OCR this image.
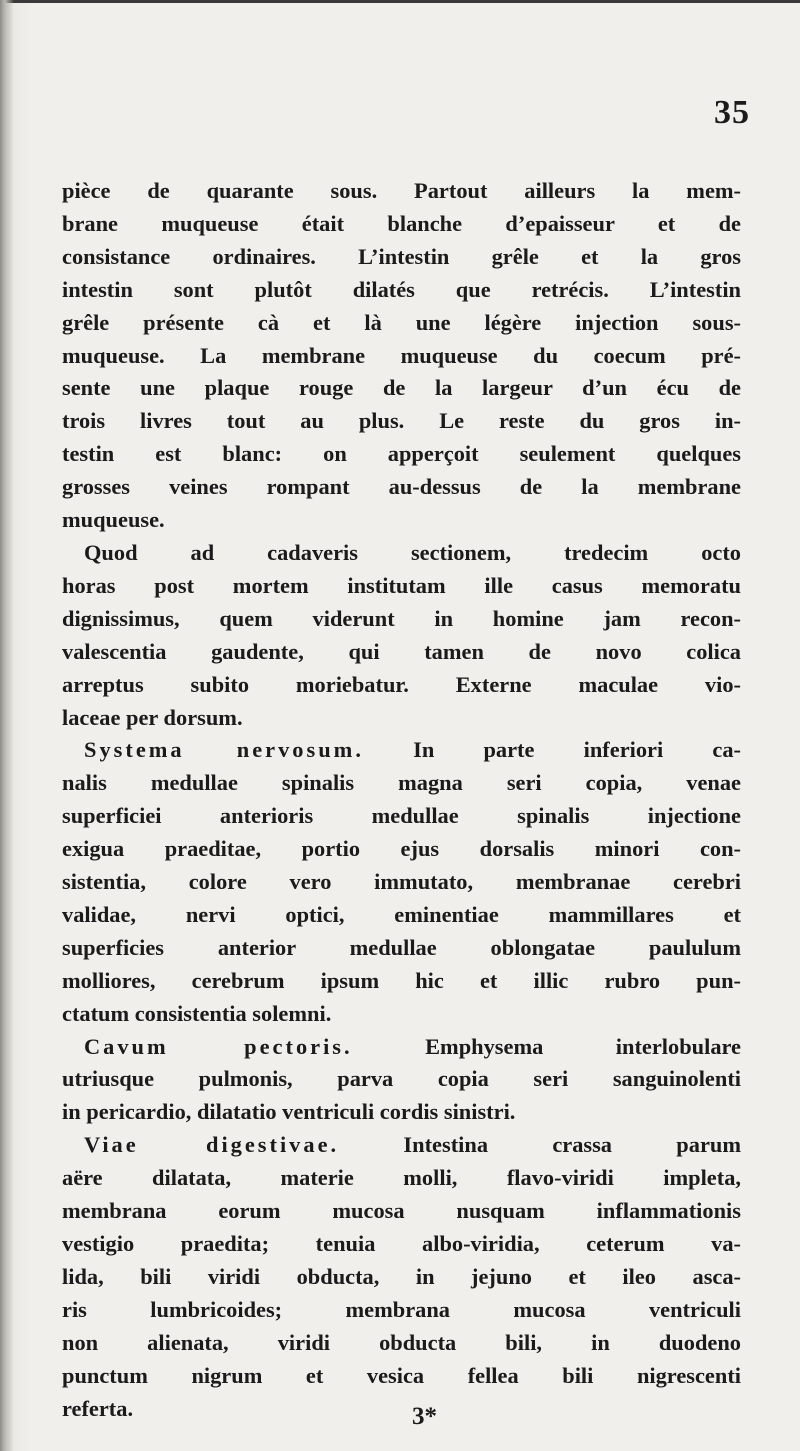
35
pièce de quarante sous. Partout ailleurs la mem-
brane muqueuse était blanche d’epaisseur et de
consistance ordinaires. L’intestin grêle et la gros
intestin sont plutôt dilatés que retrécis. L’intestin
grêle présente cà et là une légère injection sous-
muqueuse. La membrane muqueuse du coecum pré-
sente une plaque rouge de la largeur d’un écu de
trois livres tout au plus. Le reste du gros in-
testin est blanc: on apperçoit seulement quelques
grosses veines rompant au-dessus de la membrane
muqueuse.
Quod ad cadaveris sectionem, tredecim octo
horas post mortem institutam ille casus memoratu
dignissimus, quem viderunt in homine jam recon-
valescentia gaudente, qui tamen de novo colica
arreptus subito moriebatur. Externe maculae vio-
laceae per dorsum.
Systema nervosum. In parte inferiori ca-
nalis medullae spinalis magna seri copia, venae
superficiei anterioris medullae spinalis injectione
exigua praeditae, portio ejus dorsalis minori con-
sistentia, colore vero immutato, membranae cerebri
validae, nervi optici, eminentiae mammillares et
superficies anterior medullae oblongatae paululum
molliores, cerebrum ipsum hic et illic rubro pun-
ctatum consistentia solemni.
Cavum pectoris.	Emphysema interlobulare
utriusque pulmonis, parva copia seri sanguinolenti
in pericardio, dilatatio ventriculi cordis sinistri.
Viae digestivae.	Intestina crassa parum
aëre dilatata, materie molli, flavo-viridi impleta,
membrana eorum mucosa nusquam inflammationis
vestigio praedita; tenuia albo-viridia, ceterum va-
lida, bili viridi obducta, in jejuno et ileo asca-
ris lumbricoides; membrana mucosa ventriculi
non alienata, viridi obducta bili, in duodeno
punctum nigrum et vesica fellea bili nigrescenti
referta.	3*
